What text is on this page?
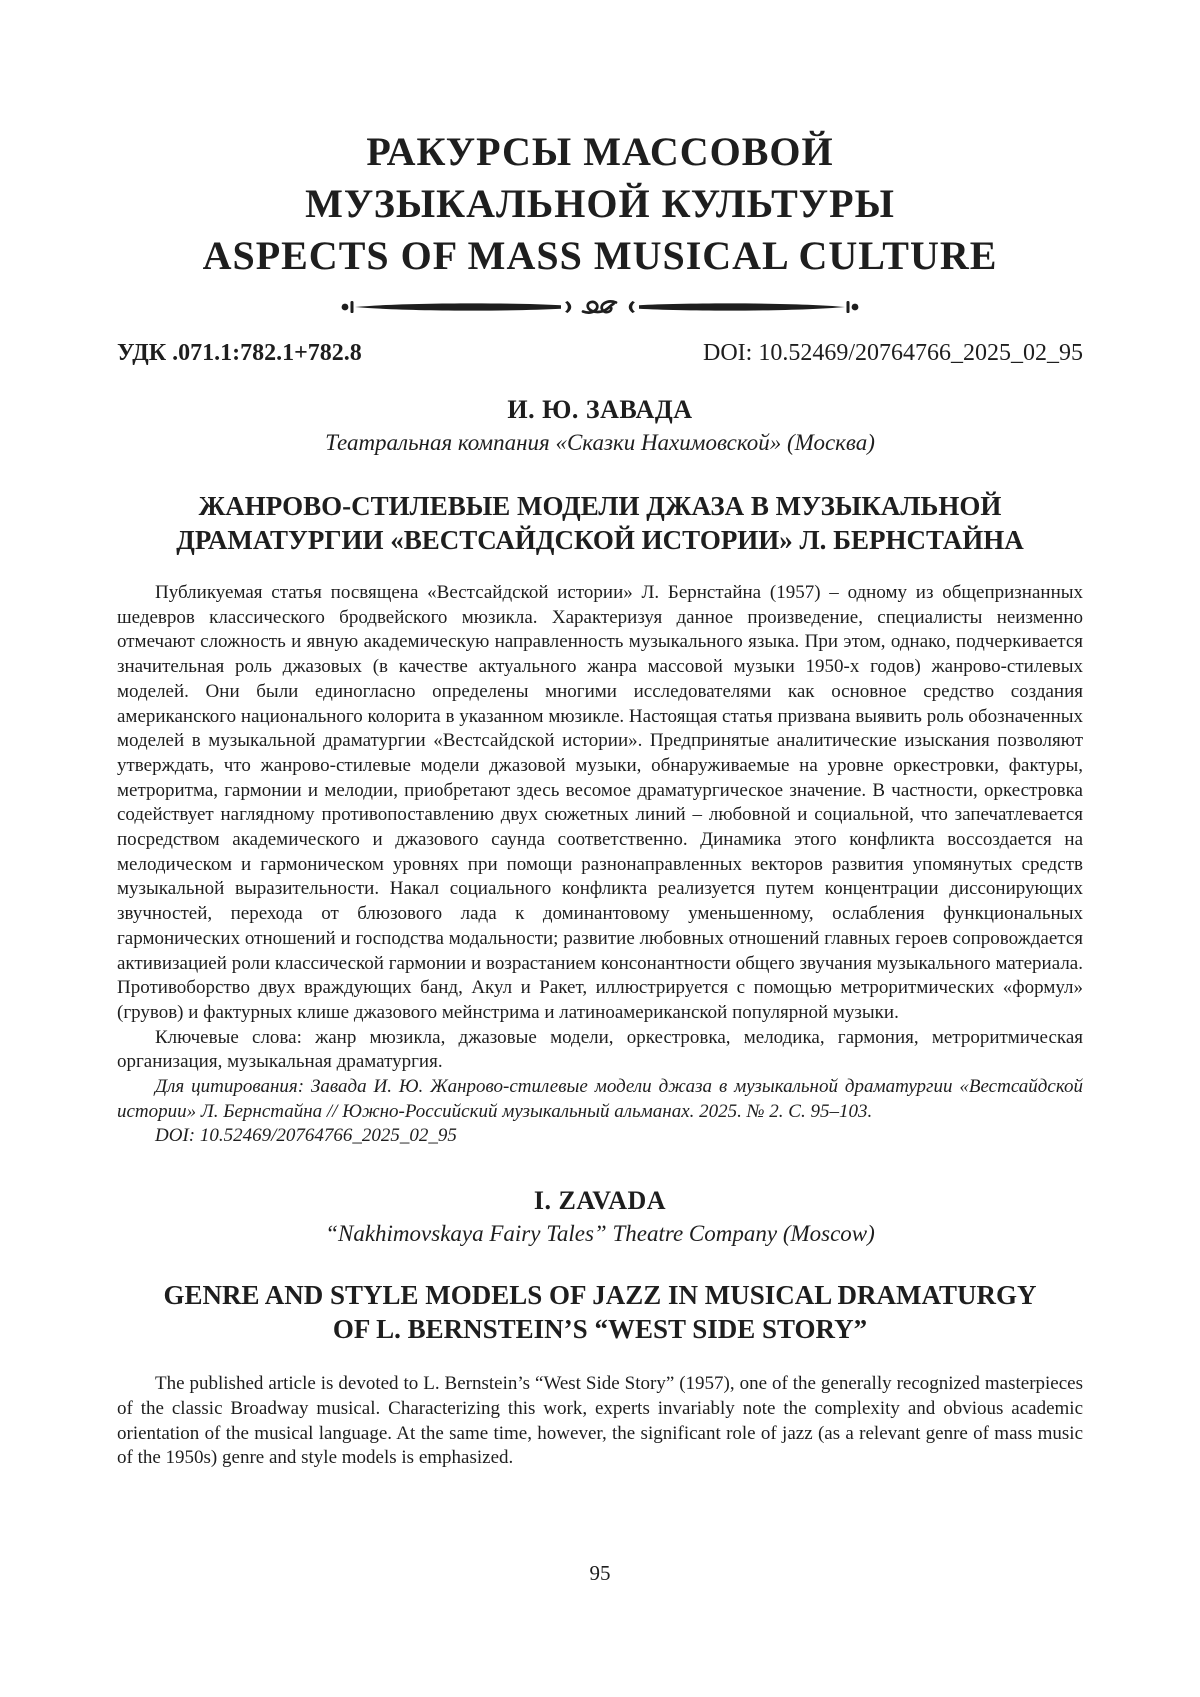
РАКУРСЫ МАССОВОЙ
МУЗЫКАЛЬНОЙ КУЛЬТУРЫ
ASPECTS OF MASS MUSICAL CULTURE
УДК .071.1:782.1+782.8	DOI: 10.52469/20764766_2025_02_95
И. Ю. ЗАВАДА
Театральная компания «Сказки Нахимовской» (Москва)
ЖАНРОВО-СТИЛЕВЫЕ МОДЕЛИ ДЖАЗА В МУЗЫКАЛЬНОЙ
ДРАМАТУРГИИ «ВЕСТСАЙДСКОЙ ИСТОРИИ» Л. БЕРНСТАЙНА

Публикуемая статья посвящена «Вестсайдской истории» Л. Бернстайна (1957) – одному из общепризнанных шедевров классического бродвейского мюзикла. Характеризуя данное произведение, специалисты неизменно отмечают сложность и явную академическую направленность музыкального языка. При этом, однако, подчеркивается значительная роль джазовых (в качестве актуального жанра массовой музыки 1950-х годов) жанрово-стилевых моделей. Они были единогласно определены многими исследователями как основное средство создания американского национального колорита в указанном мюзикле. Настоящая статья призвана выявить роль обозначенных моделей в музыкальной драматургии «Вестсайдской истории». Предпринятые аналитические изыскания позволяют утверждать, что жанрово-стилевые модели джазовой музыки, обнаруживаемые на уровне оркестровки, фактуры, метроритма, гармонии и мелодии, приобретают здесь весомое драматургическое значение. В частности, оркестровка содействует наглядному противопоставлению двух сюжетных линий – любовной и социальной, что запечатлевается посредством академического и джазового саунда соответственно. Динамика этого конфликта воссоздается на мелодическом и гармоническом уровнях при помощи разнонаправленных векторов развития упомянутых средств музыкальной выразительности. Накал социального конфликта реализуется путем концентрации диссонирующих звучностей, перехода от блюзового лада к доминантовому уменьшенному, ослабления функциональных гармонических отношений и господства модальности; развитие любовных отношений главных героев сопровождается активизацией роли классической гармонии и возрастанием консонантности общего звучания музыкального материала. Противоборство двух враждующих банд, Акул и Ракет, иллюстрируется с помощью метроритмических «формул» (грувов) и фактурных клише джазового мейнстрима и латиноамериканской популярной музыки.

Ключевые слова: жанр мюзикла, джазовые модели, оркестровка, мелодика, гармония, метроритмическая организация, музыкальная драматургия.

Для цитирования: Завада И. Ю. Жанрово-стилевые модели джаза в музыкальной драматургии «Вестсайдской истории» Л. Бернстайна // Южно-Российский музыкальный альманах. 2025. № 2. С. 95–103.

DOI: 10.52469/20764766_2025_02_95

I. ZAVADA
“Nakhimovskaya Fairy Tales” Theatre Company (Moscow)
GENRE AND STYLE MODELS OF JAZZ IN MUSICAL DRAMATURGY
OF L. BERNSTEIN’S “WEST SIDE STORY”

The published article is devoted to L. Bernstein’s “West Side Story” (1957), one of the generally recognized masterpieces of the classic Broadway musical. Characterizing this work, experts invariably note the complexity and obvious academic orientation of the musical language. At the same time, however, the significant role of jazz (as a relevant genre of mass music of the 1950s) genre and style models is emphasized.

95
